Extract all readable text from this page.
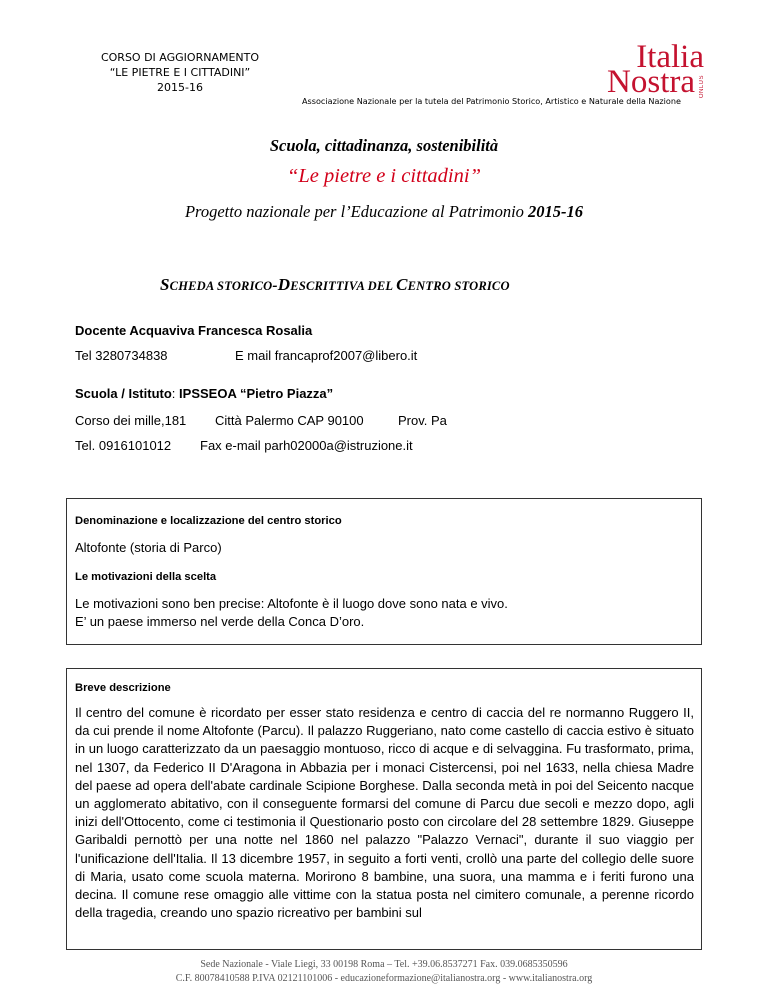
CORSO DI AGGIORNAMENTO
“LE PIETRE E I CITTADINI”
2015-16
Italia
Nostra ONLUS
Associazione Nazionale per la tutela del Patrimonio Storico, Artistico e Naturale della Nazione
Scuola, cittadinanza, sostenibilità
“Le pietre e i cittadini”
Progetto nazionale per l’Educazione al Patrimonio 2015-16
SCHEDA STORICO-DESCRITTIVA DEL CENTRO STORICO
Docente Acquaviva Francesca Rosalia
Tel 3280734838	E mail francaprof2007@libero.it
Scuola / Istituto: IPSSEOA “Pietro Piazza”
Corso dei mille,181 Città Palermo CAP 90100	Prov. Pa
Tel. 0916101012 Fax e-mail parh02000a@istruzione.it
Denominazione e localizzazione del centro storico
Altofonte (storia di Parco)
Le motivazioni della scelta
Le motivazioni sono ben precise: Altofonte è il luogo dove sono nata e vivo.
E’ un paese immerso nel verde della Conca D’oro.
Breve descrizione
Il centro del comune è ricordato per esser stato residenza e centro di caccia del re normanno Ruggero II, da cui prende il nome Altofonte (Parcu). Il palazzo Ruggeriano, nato come castello di caccia estivo è situato in un luogo caratterizzato da un paesaggio montuoso, ricco di acque e di selvaggina. Fu trasformato, prima, nel 1307, da Federico II D'Aragona in Abbazia per i monaci Cistercensi, poi nel 1633, nella chiesa Madre del paese ad opera dell'abate cardinale Scipione Borghese. Dalla seconda metà in poi del Seicento nacque un agglomerato abitativo, con il conseguente formarsi del comune di Parcu due secoli e mezzo dopo, agli inizi dell'Ottocento, come ci testimonia il Questionario posto con circolare del 28 settembre 1829. Giuseppe Garibaldi pernottò per una notte nel 1860 nel palazzo "Palazzo Vernaci", durante il suo viaggio per l'unificazione dell'Italia. Il 13 dicembre 1957, in seguito a forti venti, crollò una parte del collegio delle suore di Maria, usato come scuola materna. Morirono 8 bambine, una suora, una mamma e i feriti furono una decina. Il comune rese omaggio alle vittime con la statua posta nel cimitero comunale, a perenne ricordo della tragedia, creando uno spazio ricreativo per bambini sul
Sede Nazionale - Viale Liegi, 33 00198 Roma – Tel. +39.06.8537271 Fax. 039.0685350596
C.F. 80078410588 P.IVA 02121101006 - educazioneformazione@italianostra.org - www.italianostra.org
